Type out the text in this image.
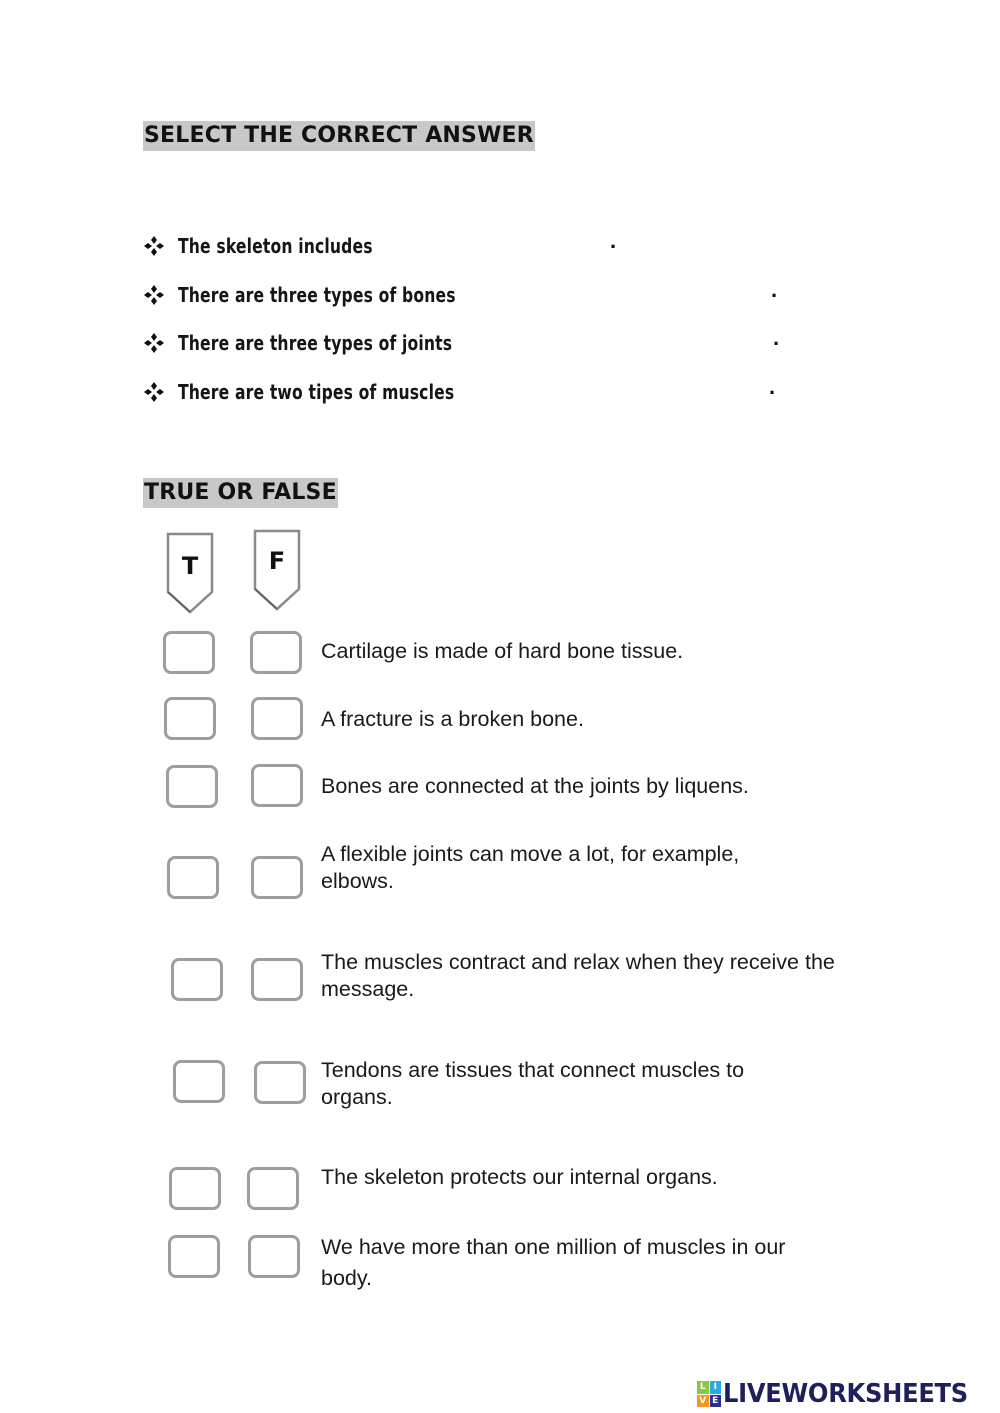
SELECT THE CORRECT ANSWER
The skeleton includes	.
There are three types of bones	.
There are three types of joints	.
There are two tipes of muscles	.
TRUE OR FALSE
T	F
Cartilage is made of hard bone tissue.
A fracture is a broken bone.
Bones are connected at the joints by liquens.
A flexible joints can move a lot, for example, elbows.
The muscles contract and relax when they receive the message.
Tendons are tissues that connect muscles to organs.
The skeleton protects our internal organs.
We have more than one million of muscles in our body.
L I
V E LIVEWORKSHEETS
